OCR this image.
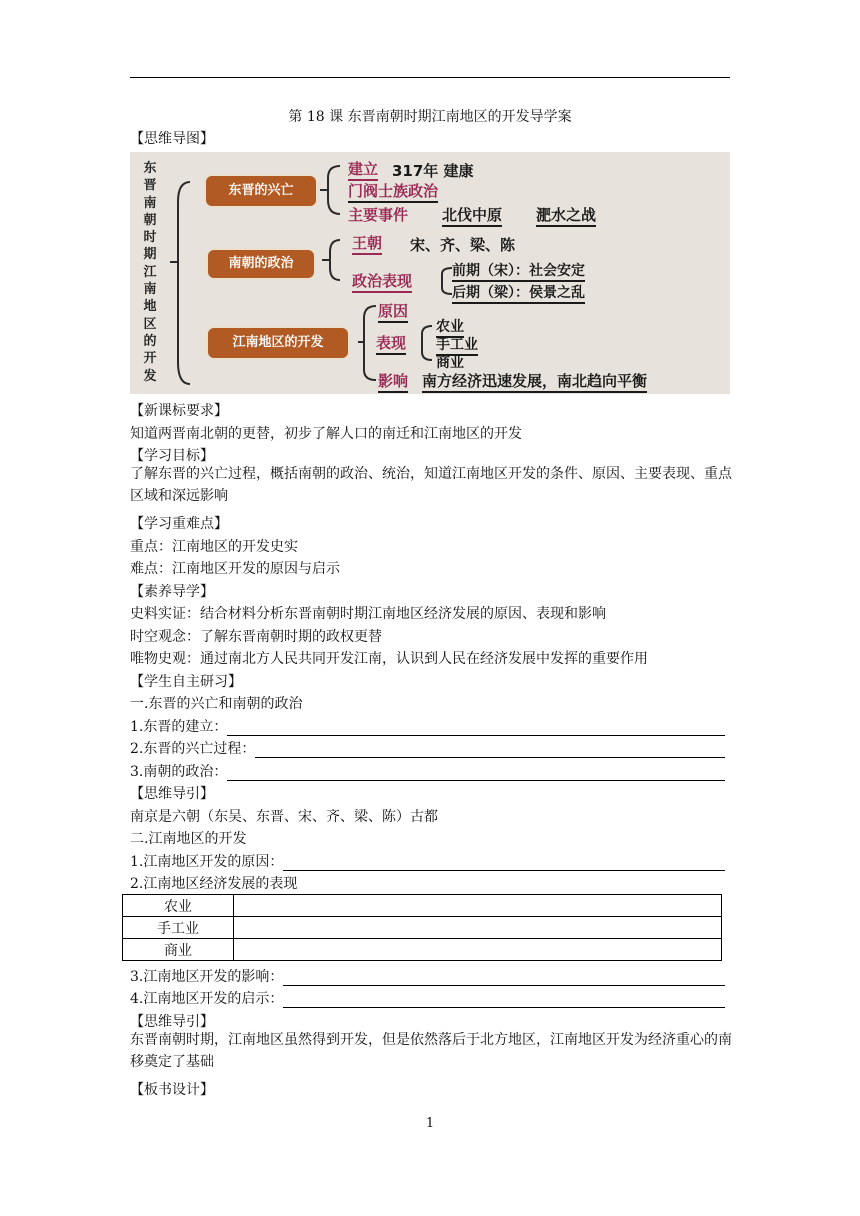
第 18 课 东晋南朝时期江南地区的开发导学案
【思维导图】
东
晋
南
朝
时
期
江
南
地
区
的
开
发
东晋的兴亡
南朝的政治
江南地区的开发
建立 317年 建康
门阀士族政治
主要事件 北伐中原 淝水之战
王朝 宋、齐、梁、陈
政治表现
前期（宋）：社会安定
后期（梁）：侯景之乱
原因
表现
农业
手工业
商业
影响 南方经济迅速发展，南北趋向平衡
【新课标要求】
知道两晋南北朝的更替，初步了解人口的南迁和江南地区的开发
【学习目标】
了解东晋的兴亡过程，概括南朝的政治、统治，知道江南地区开发的条件、原因、主要表现、重点区域和深远影响
【学习重难点】
重点：江南地区的开发史实
难点：江南地区开发的原因与启示
【素养导学】
史料实证：结合材料分析东晋南朝时期江南地区经济发展的原因、表现和影响
时空观念：了解东晋南朝时期的政权更替
唯物史观：通过南北方人民共同开发江南，认识到人民在经济发展中发挥的重要作用
【学生自主研习】
一.东晋的兴亡和南朝的政治
1.东晋的建立：
2.东晋的兴亡过程：
3.南朝的政治：
【思维导引】
南京是六朝（东吴、东晋、宋、齐、梁、陈）古都
二.江南地区的开发
1.江南地区开发的原因：
2.江南地区经济发展的表现
农业	
手工业	
商业	
3.江南地区开发的影响：
4.江南地区开发的启示：
【思维导引】
东晋南朝时期，江南地区虽然得到开发，但是依然落后于北方地区，江南地区开发为经济重心的南移奠定了基础
【板书设计】
1
